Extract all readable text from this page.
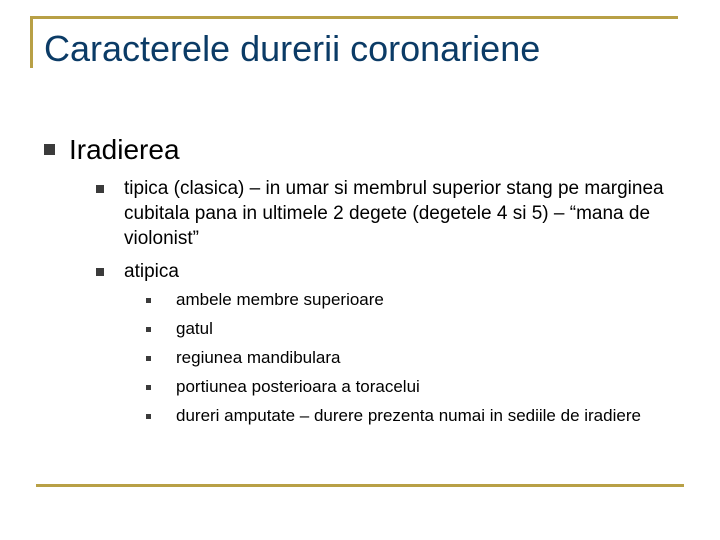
Caracterele durerii coronariene
Iradierea
tipica (clasica) – in umar si membrul superior stang pe marginea cubitala pana in ultimele 2 degete (degetele 4 si 5) – “mana de violonist”
atipica
ambele membre superioare
gatul
regiunea mandibulara
portiunea posterioara a toracelui
dureri amputate – durere prezenta numai in sediile de iradiere
